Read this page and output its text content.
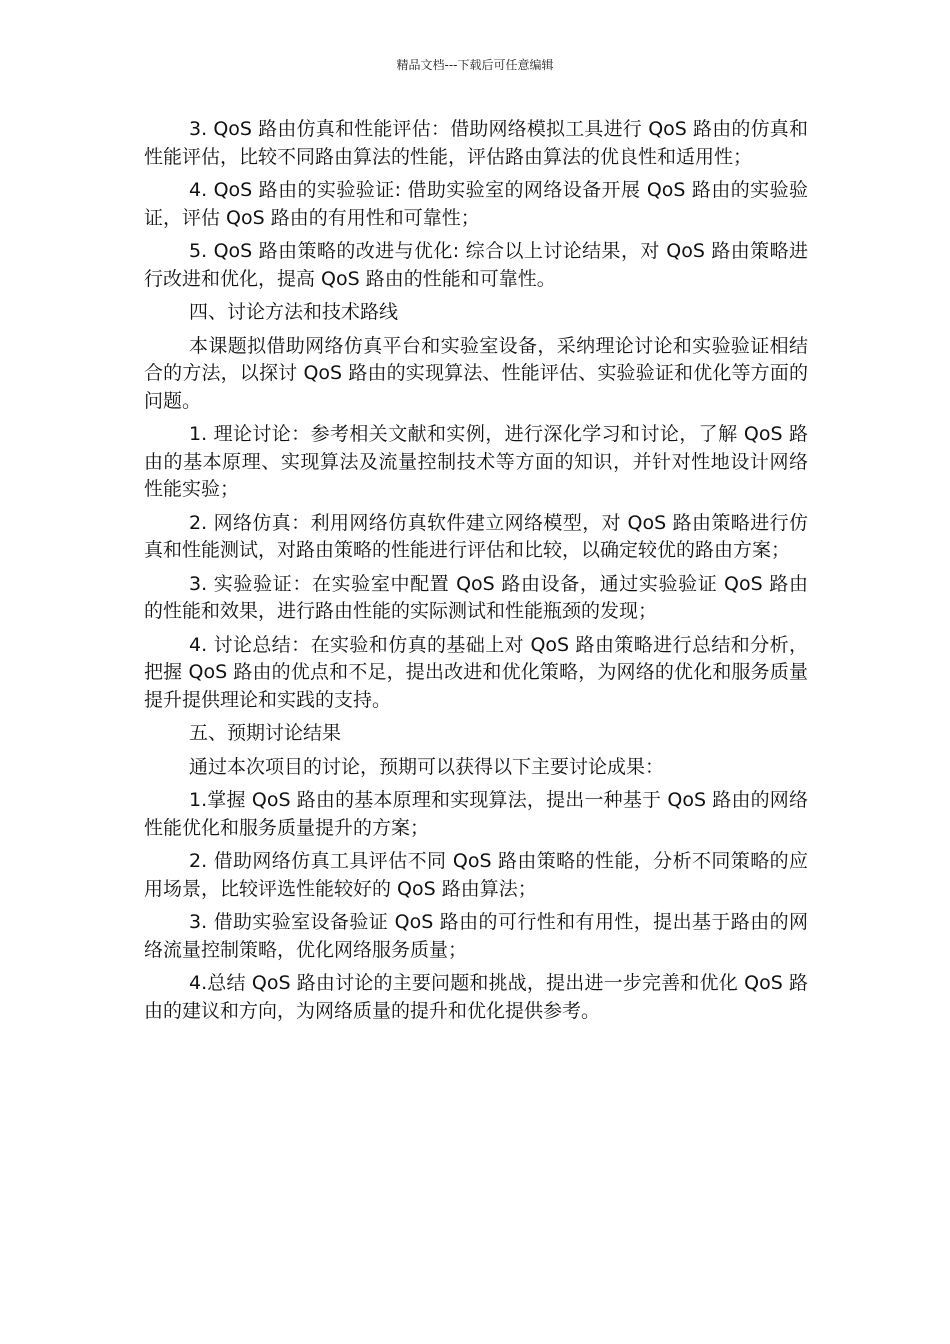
精品文档---下载后可任意编辑

3. QoS 路由仿真和性能评估：借助网络模拟工具进行 QoS 路由的仿真和性能评估，比较不同路由算法的性能，评估路由算法的优良性和适用性；

4. QoS 路由的实验验证: 借助实验室的网络设备开展 QoS 路由的实验验证，评估 QoS 路由的有用性和可靠性；

5. QoS 路由策略的改进与优化: 综合以上讨论结果，对 QoS 路由策略进行改进和优化，提高 QoS 路由的性能和可靠性。

四、讨论方法和技术路线

本课题拟借助网络仿真平台和实验室设备，采纳理论讨论和实验验证相结合的方法，以探讨 QoS 路由的实现算法、性能评估、实验验证和优化等方面的问题。

1. 理论讨论：参考相关文献和实例，进行深化学习和讨论，了解 QoS 路由的基本原理、实现算法及流量控制技术等方面的知识，并针对性地设计网络性能实验；

2. 网络仿真：利用网络仿真软件建立网络模型，对 QoS 路由策略进行仿真和性能测试，对路由策略的性能进行评估和比较，以确定较优的路由方案；

3. 实验验证：在实验室中配置 QoS 路由设备，通过实验验证 QoS 路由的性能和效果，进行路由性能的实际测试和性能瓶颈的发现；

4. 讨论总结：在实验和仿真的基础上对 QoS 路由策略进行总结和分析，把握 QoS 路由的优点和不足，提出改进和优化策略，为网络的优化和服务质量提升提供理论和实践的支持。

五、预期讨论结果

通过本次项目的讨论，预期可以获得以下主要讨论成果：

1.掌握 QoS 路由的基本原理和实现算法，提出一种基于 QoS 路由的网络性能优化和服务质量提升的方案；

2. 借助网络仿真工具评估不同 QoS 路由策略的性能，分析不同策略的应用场景，比较评选性能较好的 QoS 路由算法；

3. 借助实验室设备验证 QoS 路由的可行性和有用性，提出基于路由的网络流量控制策略，优化网络服务质量；

4.总结 QoS 路由讨论的主要问题和挑战，提出进一步完善和优化 QoS 路由的建议和方向，为网络质量的提升和优化提供参考。
